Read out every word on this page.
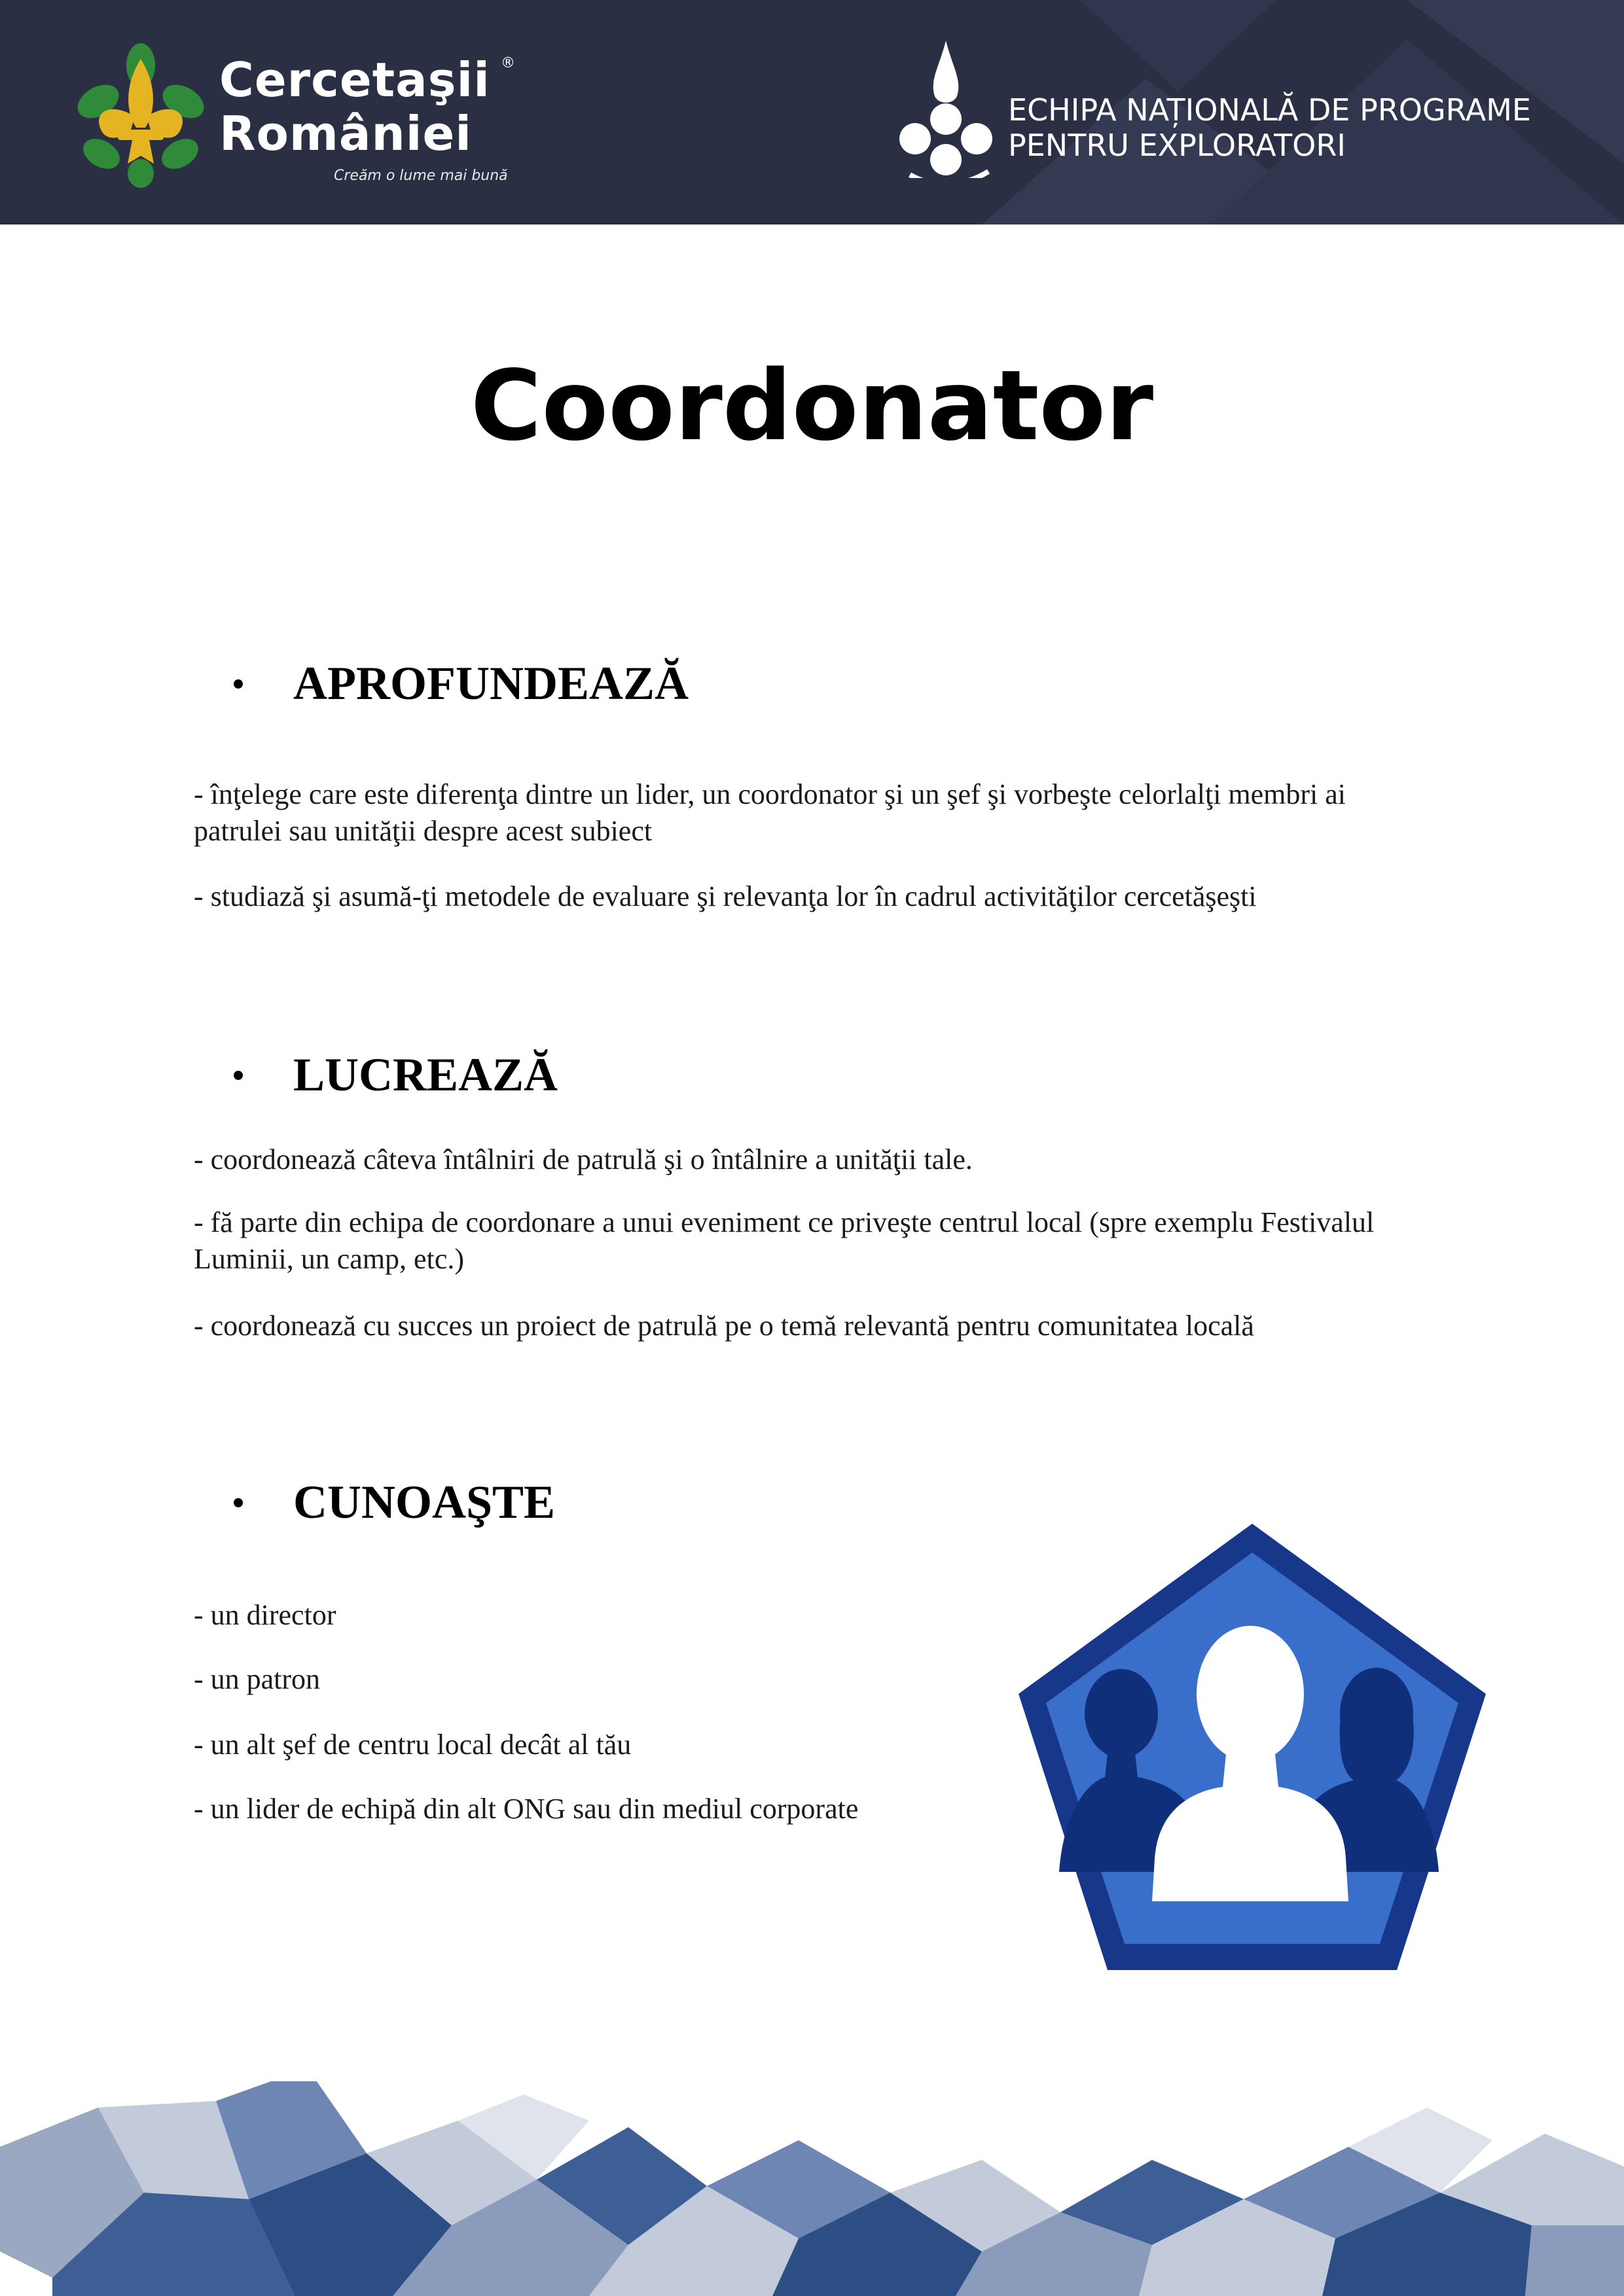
Cercetaşii
României
®
Creăm o lume mai bună
ECHIPA NAȚIONALĂ DE PROGRAME
PENTRU EXPLORATORI
Coordonator
APROFUNDEAZĂ
- înţelege care este diferenţa dintre un lider, un coordonator şi un şef şi vorbeşte celorlalţi membri ai patrulei sau unităţii despre acest subiect
- studiază şi asumă-ţi metodele de evaluare şi relevanţa lor în cadrul activităţilor cercetăşeşti
LUCREAZĂ
- coordonează câteva întâlniri de patrulă şi o întâlnire a unităţii tale.
- fă parte din echipa de coordonare a unui eveniment ce priveşte centrul local (spre exemplu Festivalul Luminii, un camp, etc.)
- coordonează cu succes un proiect de patrulă pe o temă relevantă pentru comunitatea locală
CUNOAŞTE
- un director
- un patron
- un alt şef de centru local decât al tău
- un lider de echipă din alt ONG sau din mediul corporate
